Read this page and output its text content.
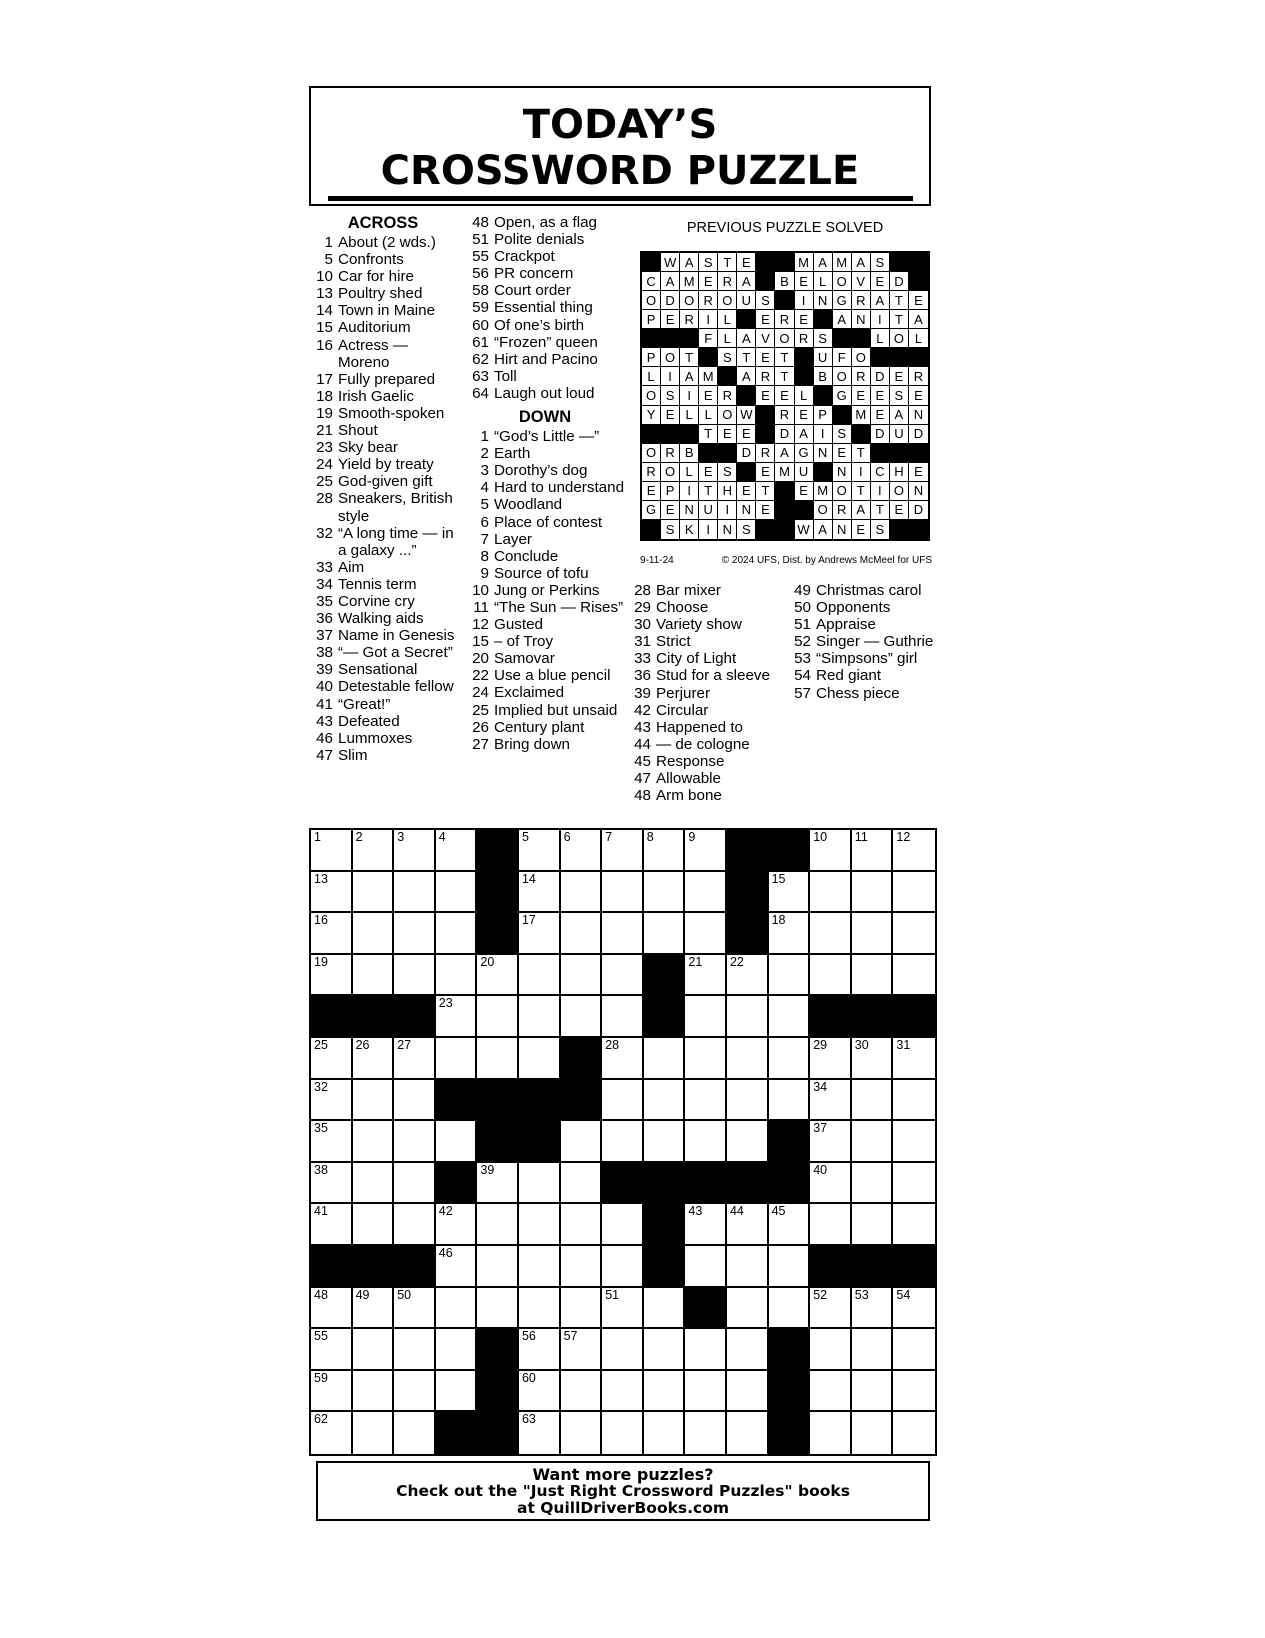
TODAY’S
CROSSWORD PUZZLE
ACROSS
1 About (2 wds.)
5 Confronts
10 Car for hire
13 Poultry shed
14 Town in Maine
15 Auditorium
16 Actress — Moreno
17 Fully prepared
18 Irish Gaelic
19 Smooth-spoken
21 Shout
23 Sky bear
24 Yield by treaty
25 God-given gift
28 Sneakers, British style
32 “A long time — in a galaxy ...”
33 Aim
34 Tennis term
35 Corvine cry
36 Walking aids
37 Name in Genesis
38 “— Got a Secret”
39 Sensational
40 Detestable fellow
41 “Great!”
43 Defeated
46 Lummoxes
47 Slim
48 Open, as a flag
51 Polite denials
55 Crackpot
56 PR concern
58 Court order
59 Essential thing
60 Of one’s birth
61 “Frozen” queen
62 Hirt and Pacino
63 Toll
64 Laugh out loud
DOWN
1 “God’s Little —”
2 Earth
3 Dorothy’s dog
4 Hard to understand
5 Woodland
6 Place of contest
7 Layer
8 Conclude
9 Source of tofu
10 Jung or Perkins
11 “The Sun — Rises”
12 Gusted
15 – of Troy
20 Samovar
22 Use a blue pencil
24 Exclaimed
25 Implied but unsaid
26 Century plant
27 Bring down
28 Bar mixer
29 Choose
30 Variety show
31 Strict
33 City of Light
36 Stud for a sleeve
39 Perjurer
42 Circular
43 Happened to
44 — de cologne
45 Response
47 Allowable
48 Arm bone
49 Christmas carol
50 Opponents
51 Appraise
52 Singer — Guthrie
53 “Simpsons” girl
54 Red giant
57 Chess piece
PREVIOUS PUZZLE SOLVED
W A S T E	M A M A S
C A M E R A	B E L O V E D
O D O R O U S	I N G R A T E
P E R I	L	E R E	A N I	T A
F L A V O R S	L O L
P O T	S T E T	U F O
L	I A M	A R T	B O R D E R
O S I E R	E E L	G E E S E
Y E L L O W	R E P	M E A N
T E E	D A I S	D U D
O R B	D R A G N E T
R O L E S	E M U	N I C H E
E P I	T H E T	E M O T	I O N
G E N U I N E	O R A T E D
S K I N S	W A N E S
9-11-24	© 2024 UFS, Dist. by Andrews McMeel for UFS
1	2	3	4	5	6	7	8	9	10 11 12
13	14	15
16	17	18
19	20	21 22
23	24
25 26 27	28	29 30 31
32	33	34
35	36	37
38	39	40
41	42	43 44 45
46	47
48 49 50	51	52 53 54
55	56 57	58
59	60	61
62	63	64
Want more puzzles?
Check out the "Just Right Crossword Puzzles" books
at QuillDriverBooks.com
